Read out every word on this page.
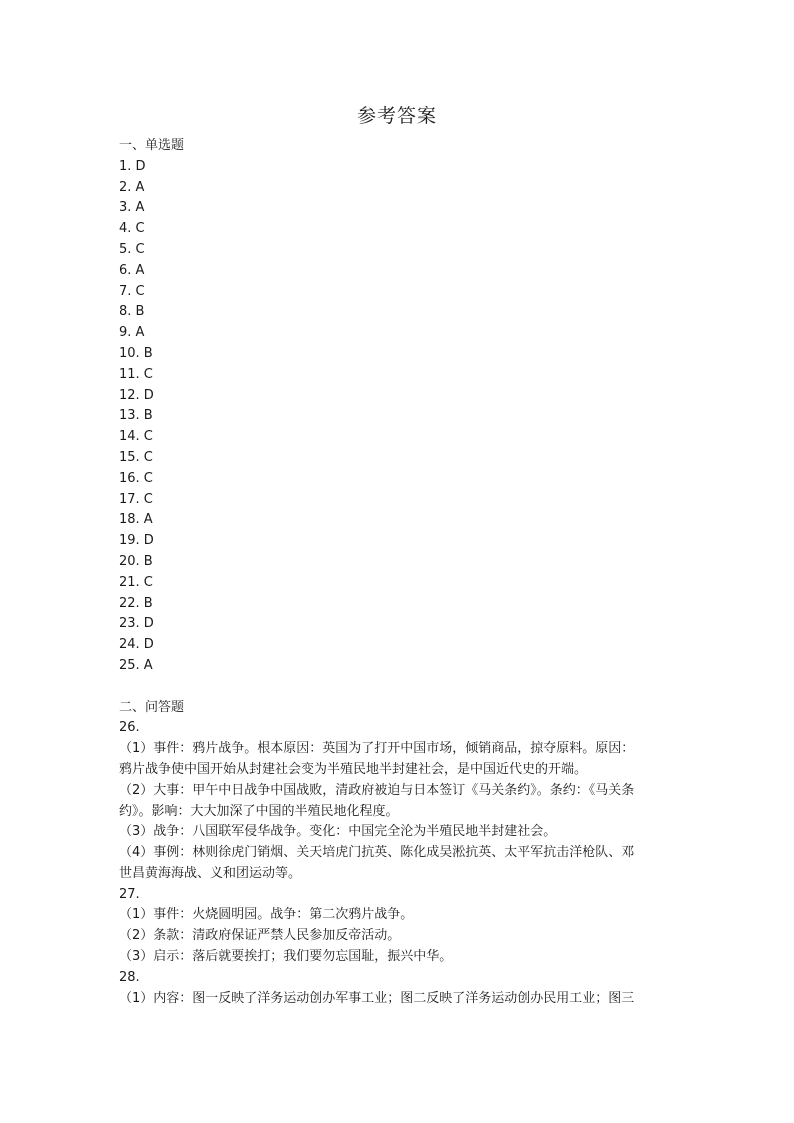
参考答案
一、单选题
1. D
2. A
3. A
4. C
5. C
6. A
7. C
8. B
9. A
10. B
11. C
12. D
13. B
14. C
15. C
16. C
17. C
18. A
19. D
20. B
21. C
22. B
23. D
24. D
25. A
二、问答题
26.
（1）事件：鸦片战争。根本原因：英国为了打开中国市场，倾销商品，掠夺原料。原因：
鸦片战争使中国开始从封建社会变为半殖民地半封建社会，是中国近代史的开端。
（2）大事：甲午中日战争中国战败，清政府被迫与日本签订《马关条约》。条约：《马关条
约》。影响：大大加深了中国的半殖民地化程度。
（3）战争：八国联军侵华战争。变化：中国完全沦为半殖民地半封建社会。
（4）事例：林则徐虎门销烟、关天培虎门抗英、陈化成吴淞抗英、太平军抗击洋枪队、邓
世昌黄海海战、义和团运动等。
27.
（1）事件：火烧圆明园。战争：第二次鸦片战争。
（2）条款：清政府保证严禁人民参加反帝活动。
（3）启示：落后就要挨打；我们要勿忘国耻，振兴中华。
28.
（1）内容：图一反映了洋务运动创办军事工业；图二反映了洋务运动创办民用工业；图三
